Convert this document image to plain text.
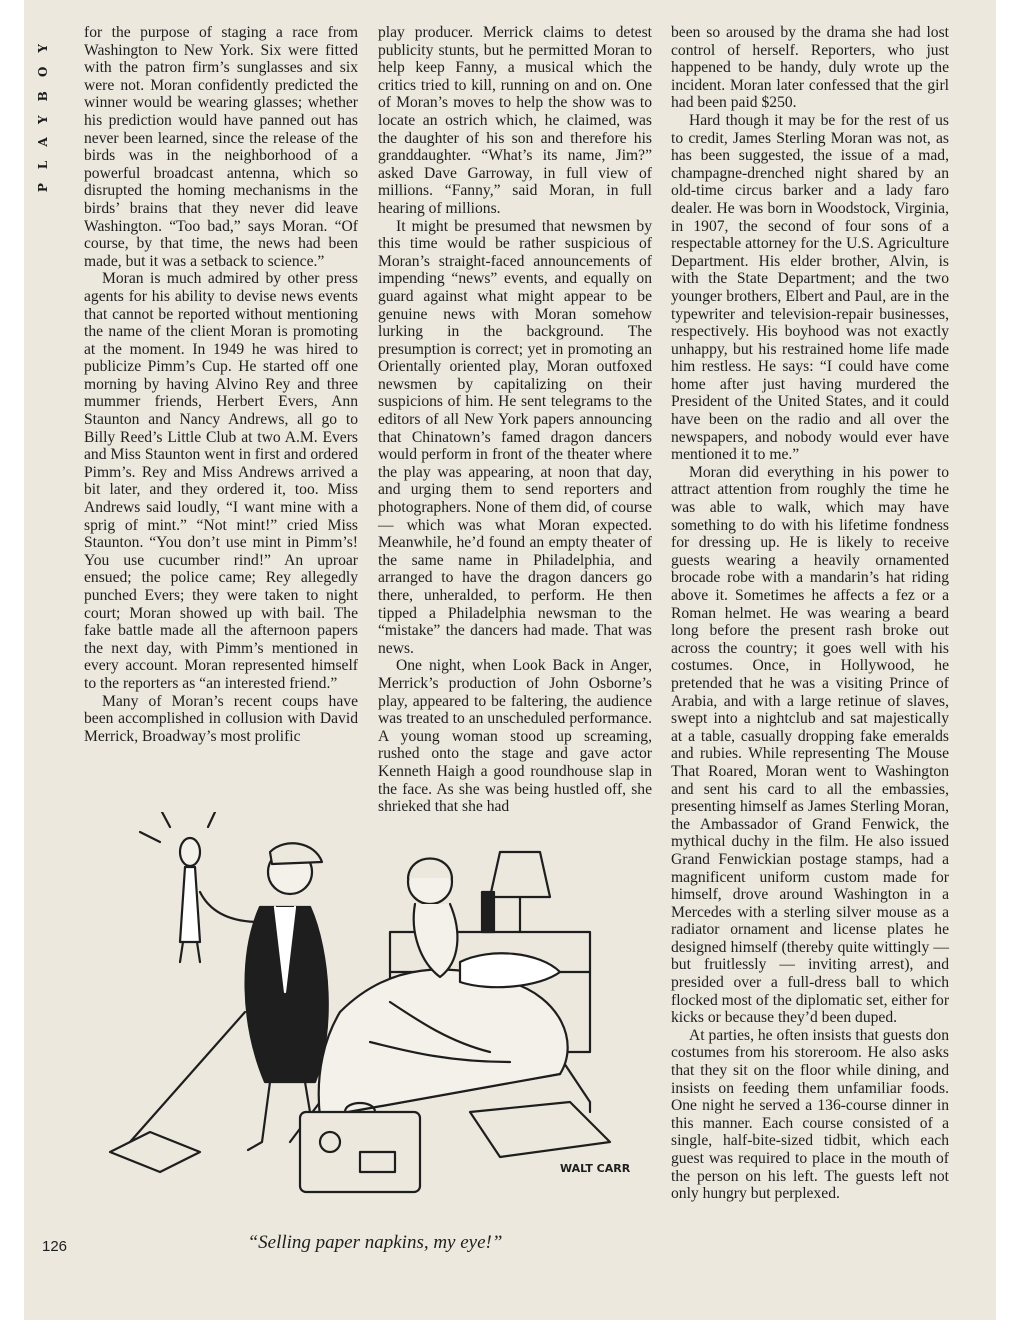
PLAYBOY for the purpose of staging a race from Washington to New York. Six were fitted with the patron firm’s sunglasses and six were not. Moran confidently predicted the winner would be wearing glasses; whether his prediction would have panned out has never been learned, since the release of the birds was in the neighborhood of a powerful broadcast antenna, which so disrupted the homing mechanisms in the birds’ brains that they never did leave Washington. “Too bad,” says Moran. “Of course, by that time, the news had been made, but it was a setback to science.”

Moran is much admired by other press agents for his ability to devise news events that cannot be reported without mentioning the name of the client Moran is promoting at the moment. In 1949 he was hired to publicize Pimm’s Cup. He started off one morning by having Alvino Rey and three mummer friends, Herbert Evers, Ann Staunton and Nancy Andrews, all go to Billy Reed’s Little Club at two A.M. Evers and Miss Staunton went in first and ordered Pimm’s. Rey and Miss Andrews arrived a bit later, and they ordered it, too. Miss Andrews said loudly, “I want mine with a sprig of mint.” “Not mint!” cried Miss Staunton. “You don’t use mint in Pimm’s! You use cucumber rind!” An uproar ensued; the police came; Rey allegedly punched Evers; they were taken to night court; Moran showed up with bail. The fake battle made all the afternoon papers the next day, with Pimm’s mentioned in every account. Moran represented himself to the reporters as “an interested friend.”

Many of Moran’s recent coups have been accomplished in collusion with David Merrick, Broadway’s most prolific

play producer. Merrick claims to detest publicity stunts, but he permitted Moran to help keep Fanny, a musical which the critics tried to kill, running on and on. One of Moran’s moves to help the show was to locate an ostrich which, he claimed, was the daughter of his son and therefore his granddaughter. “What’s its name, Jim?” asked Dave Garroway, in full view of millions. “Fanny,” said Moran, in full hearing of millions.

It might be presumed that newsmen by this time would be rather suspicious of Moran’s straight-faced announcements of impending “news” events, and equally on guard against what might appear to be genuine news with Moran somehow lurking in the background. The presumption is correct; yet in promoting an Orientally oriented play, Moran outfoxed newsmen by capitalizing on their suspicions of him. He sent telegrams to the editors of all New York papers announcing that Chinatown’s famed dragon dancers would perform in front of the theater where the play was appearing, at noon that day, and urging them to send reporters and photographers. None of them did, of course — which was what Moran expected. Meanwhile, he’d found an empty theater of the same name in Philadelphia, and arranged to have the dragon dancers go there, unheralded, to perform. He then tipped a Philadelphia newsman to the “mistake” the dancers had made. That was news.

One night, when Look Back in Anger, Merrick’s production of John Osborne’s play, appeared to be faltering, the audience was treated to an unscheduled performance. A young woman stood up screaming, rushed onto the stage and gave actor Kenneth Haigh a good roundhouse slap in the face. As she was being hustled off, she shrieked that she had

been so aroused by the drama she had lost control of herself. Reporters, who just happened to be handy, duly wrote up the incident. Moran later confessed that the girl had been paid $250.

Hard though it may be for the rest of us to credit, James Sterling Moran was not, as has been suggested, the issue of a mad, champagne-drenched night shared by an old-time circus barker and a lady faro dealer. He was born in Woodstock, Virginia, in 1907, the second of four sons of a respectable attorney for the U.S. Agriculture Department. His elder brother, Alvin, is with the State Department; and the two younger brothers, Elbert and Paul, are in the typewriter and television-repair businesses, respectively. His boyhood was not exactly unhappy, but his restrained home life made him restless. He says: “I could have come home after just having murdered the President of the United States, and it could have been on the radio and all over the newspapers, and nobody would ever have mentioned it to me.”

Moran did everything in his power to attract attention from roughly the time he was able to walk, which may have something to do with his lifetime fondness for dressing up. He is likely to receive guests wearing a heavily ornamented brocade robe with a mandarin’s hat riding above it. Sometimes he affects a fez or a Roman helmet. He was wearing a beard long before the present rash broke out across the country; it goes well with his costumes. Once, in Hollywood, he pretended that he was a visiting Prince of Arabia, and with a large retinue of slaves, swept into a nightclub and sat majestically at a table, casually dropping fake emeralds and rubies. While representing The Mouse That Roared, Moran went to Washington and sent his card to all the embassies, presenting himself as James Sterling Moran, the Ambassador of Grand Fenwick, the mythical duchy in the film. He also issued Grand Fenwickian postage stamps, had a magnificent uniform custom made for himself, drove around Washington in a Mercedes with a sterling silver mouse as a radiator ornament and license plates he designed himself (thereby quite wittingly — but fruitlessly — inviting arrest), and presided over a full-dress ball to which flocked most of the diplomatic set, either for kicks or because they’d been duped.

At parties, he often insists that guests don costumes from his storeroom. He also asks that they sit on the floor while dining, and insists on feeding them unfamiliar foods. One night he served a 136-course dinner in this manner. Each course consisted of a single, half-bite-sized tidbit, which each guest was required to place in the mouth of the person on his left. The guests left not only hungry but perplexed.

WALT CARR
“Selling paper napkins, my eye!”
126
